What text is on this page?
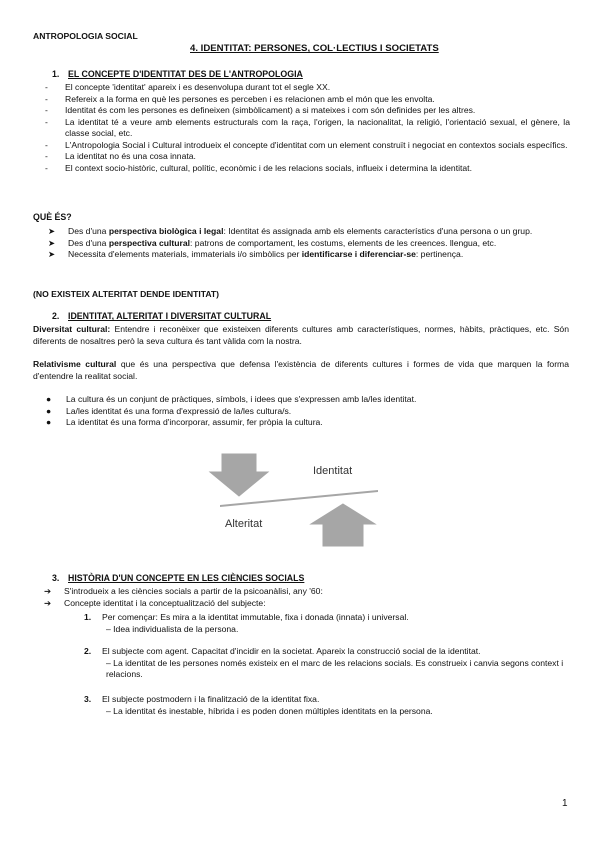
ANTROPOLOGIA SOCIAL
4. IDENTITAT: PERSONES, COL·LECTIUS I SOCIETATS
1. EL CONCEPTE D'IDENTITAT DES DE L'ANTROPOLOGIA
- El concepte 'identitat' apareix i es desenvolupa durant tot el segle XX.
- Refereix a la forma en què les persones es perceben i es relacionen amb el món que les envolta.
- Identitat és com les persones es defineixen (simbòlicament) a si mateixes i com són definides per les altres.
- La identitat té a veure amb elements estructurals com la raça, l'origen, la nacionalitat, la religió, l'orientació sexual, el gènere, la classe social, etc.
- L'Antropologia Social i Cultural introdueix el concepte d'identitat com un element construït i negociat en contextos socials específics.
- La identitat no és una cosa innata.
- El context socio-històric, cultural, polític, econòmic i de les relacions socials, influeix i determina la identitat.
QUÈ ÉS?
➤ Des d'una perspectiva biològica i legal: Identitat és assignada amb els elements característics d'una persona o un grup.
➤ Des d'una perspectiva cultural: patrons de comportament, les costums, elements de les creences. llengua, etc.
➤ Necessita d'elements materials, immaterials i/o simbòlics per identificarse i diferenciar-se: pertinença.
(NO EXISTEIX ALTERITAT DENDE IDENTITAT)
2. IDENTITAT, ALTERITAT I DIVERSITAT CULTURAL
Diversitat cultural: Entendre i reconèixer que existeixen diferents cultures amb característiques, normes, hàbits, pràctiques, etc. Són diferents de nosaltres però la seva cultura és tant vàlida com la nostra.
Relativisme cultural que és una perspectiva que defensa l'existència de diferents cultures i formes de vida que marquen la forma d'entendre la realitat social.
● La cultura és un conjunt de pràctiques, símbols, i idees que s'expressen amb la/les identitat.
● La/les identitat és una forma d'expressió de la/les cultura/s.
● La identitat és una forma d'incorporar, assumir, fer pròpia la cultura.
Identitat
Alteritat
3. HISTÒRIA D'UN CONCEPTE EN LES CIÈNCIES SOCIALS
➔ S'introdueix a les ciències socials a partir de la psicoanàlisi, any '60:
➔ Concepte identitat i la conceptualització del subjecte:
1. Per començar: Es mira a la identitat immutable, fixa i donada (innata) i universal.
– Idea individualista de la persona.
2. El subjecte com agent. Capacitat d'incidir en la societat. Apareix la construcció social de la identitat.
– La identitat de les persones només existeix en el marc de les relacions socials. Es construeix i canvia segons context i relacions.
3. El subjecte postmodern i la finalització de la identitat fixa.
– La identitat és inestable, híbrida i es poden donen múltiples identitats en la persona.
1
